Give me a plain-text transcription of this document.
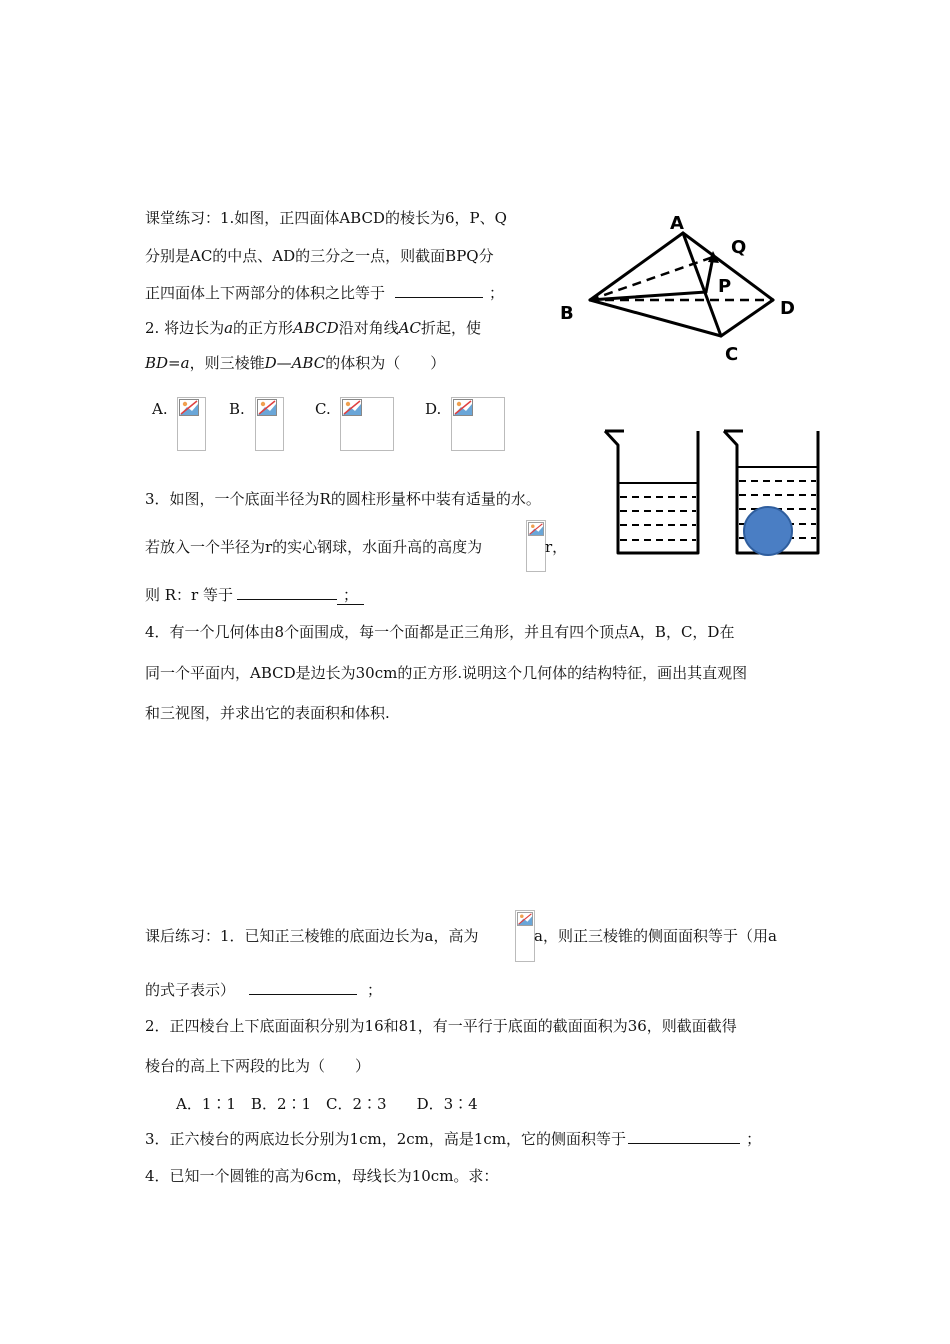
课堂练习：1.如图，正四面体ABCD的棱长为6，P、Q
分别是AC的中点、AD的三分之一点，则截面BPQ分
正四面体上下两部分的体积之比等于	；
2. 将边长为a的正方形ABCD沿对角线AC折起，使
BD=a，则三棱锥D—ABC的体积为（　　）
A.	B.	C.	D.
A
Q
P
B	D
C
3．如图，一个底面半径为R的圆柱形量杯中装有适量的水。
若放入一个半径为r的实心钢球，水面升高的高度为	r，
则 R：r 等于	；
4．有一个几何体由8个面围成，每一个面都是正三角形，并且有四个顶点A，B，C，D在
同一个平面内，ABCD是边长为30cm的正方形.说明这个几何体的结构特征，画出其直观图
和三视图，并求出它的表面积和体积.
课后练习：1．已知正三棱锥的底面边长为a，高为	a，则正三棱锥的侧面面积等于（用a
的式子表示）	；
2．正四棱台上下底面面积分别为16和81，有一平行于底面的截面面积为36，则截面截得
棱台的高上下两段的比为（　　）
A．1∶1　B．2∶1　C．2∶3　　D．3∶4
3．正六棱台的两底边长分别为1cm，2cm，高是1cm，它的侧面积等于	；
4．已知一个圆锥的高为6cm，母线长为10cm。求：
